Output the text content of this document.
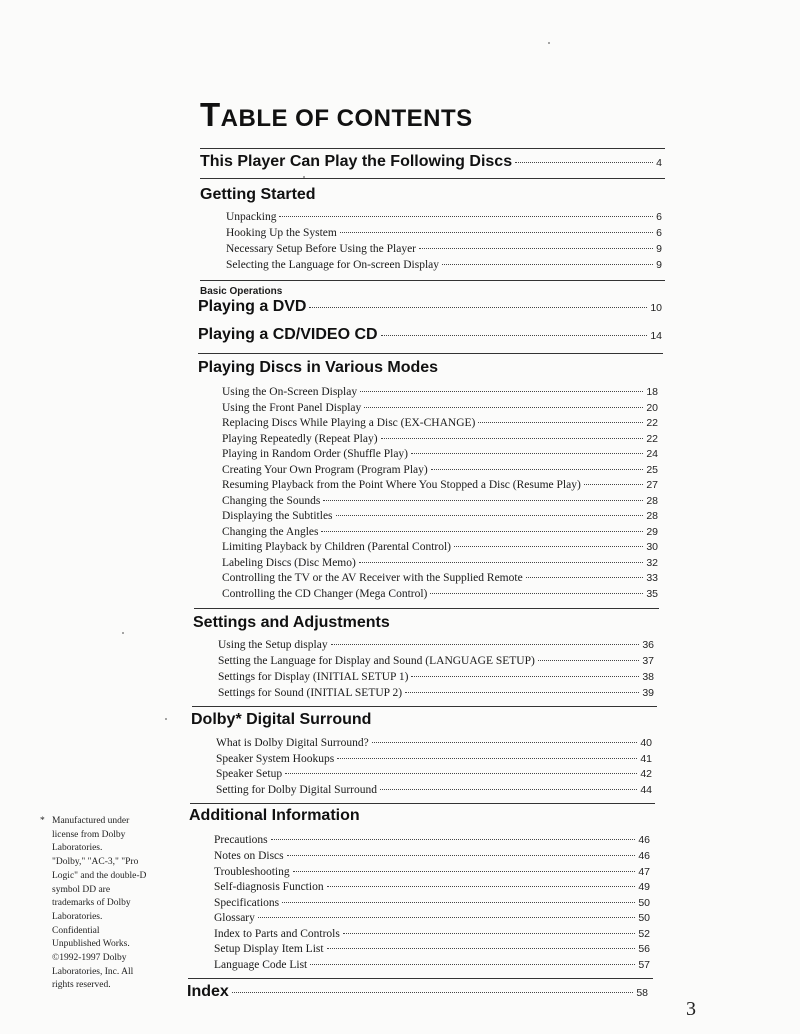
TABLE OF CONTENTS
This Player Can Play the Following Discs	4
Getting Started
Unpacking	6
Hooking Up the System	6
Necessary Setup Before Using the Player	9
Selecting the Language for On-screen Display	9
Basic Operations
Playing a DVD	10
Playing a CD/VIDEO CD	14
Playing Discs in Various Modes
Using the On-Screen Display	18
Using the Front Panel Display	20
Replacing Discs While Playing a Disc (EX-CHANGE)	22
Playing Repeatedly (Repeat Play)	22
Playing in Random Order (Shuffle Play)	24
Creating Your Own Program (Program Play)	25
Resuming Playback from the Point Where You Stopped a Disc (Resume Play)	27
Changing the Sounds	28
Displaying the Subtitles	28
Changing the Angles	29
Limiting Playback by Children (Parental Control)	30
Labeling Discs (Disc Memo)	32
Controlling the TV or the AV Receiver with the Supplied Remote	33
Controlling the CD Changer (Mega Control)	35
Settings and Adjustments
Using the Setup display	36
Setting the Language for Display and Sound (LANGUAGE SETUP)	37
Settings for Display (INITIAL SETUP 1)	38
Settings for Sound (INITIAL SETUP 2)	39
Dolby* Digital Surround
What is Dolby Digital Surround?	40
Speaker System Hookups	41
Speaker Setup	42
Setting for Dolby Digital Surround	44
Additional Information
Precautions	46
Notes on Discs	46
Troubleshooting	47
Self-diagnosis Function	49
Specifications	50
Glossary	50
Index to Parts and Controls	52
Setup Display Item List	56
Language Code List	57
Index	58
* Manufactured under
license from Dolby
Laboratories.
"Dolby," "AC-3," "Pro
Logic" and the double-D
symbol DD are
trademarks of Dolby
Laboratories.
Confidential
Unpublished Works.
©1992-1997 Dolby
Laboratories, Inc. All
rights reserved.
3
